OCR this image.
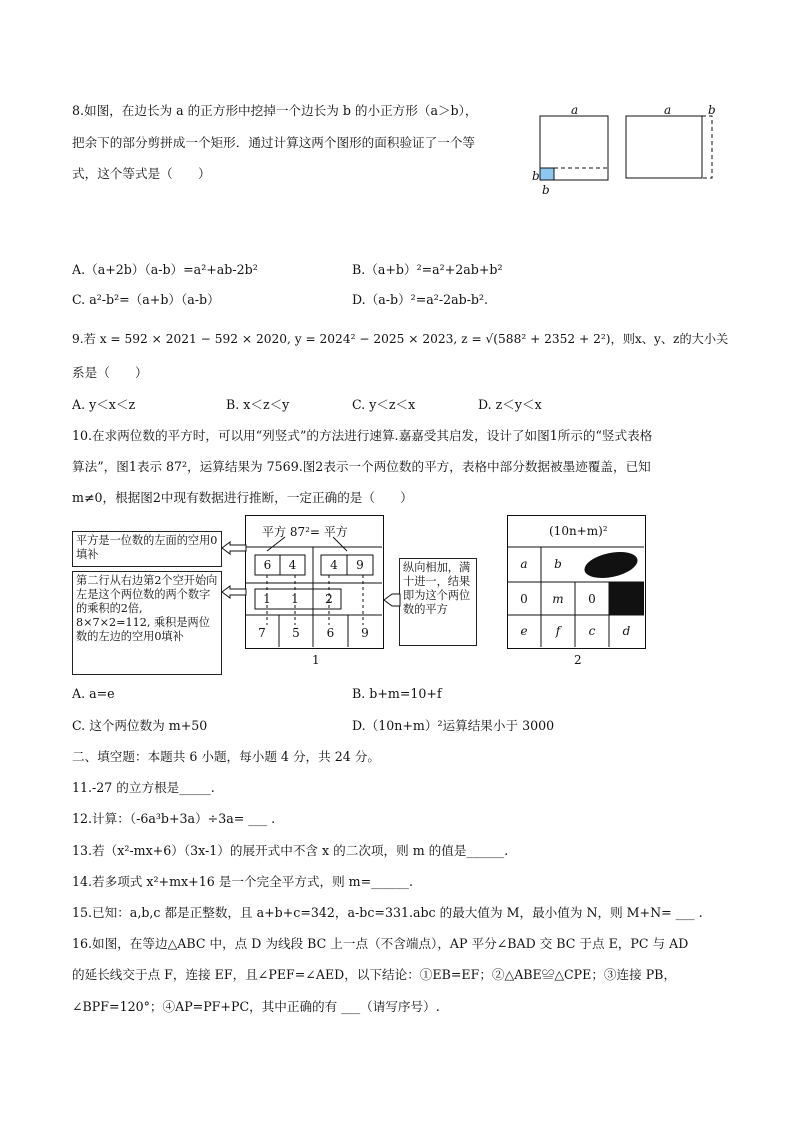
8.如图，在边长为 a 的正方形中挖掉一个边长为 b 的小正方形（a＞b），
把余下的部分剪拼成一个矩形．通过计算这两个图形的面积验证了一个等
式，这个等式是（　　）
a
b
b
a	b
A.（a+2b）（a-b）=a²+ab-2b²	B.（a+b）²=a²+2ab+b²
C. a²-b²=（a+b）（a-b）	D.（a-b）²=a²-2ab-b².
9.若 x = 592 × 2021 − 592 × 2020, y = 2024² − 2025 × 2023, z = √(588² + 2352 + 2²)，则x、y、z的大小关
系是（　　）
A. y＜x＜z	B. x＜z＜y	C. y＜z＜x	D. z＜y＜x
10.在求两位数的平方时，可以用“列竖式”的方法进行速算.嘉嘉受其启发，设计了如图1所示的“竖式表格
算法”，图1表示 87²，运算结果为 7569.图2表示一个两位数的平方，表格中部分数据被墨迹覆盖，已知
m≠0，根据图2中现有数据进行推断，一定正确的是（　　）
平方 87²= 平方
6	4	4	9
1	1	2
7	5	6	9
1
平方是一位数的左面的空用0填补
第二行从右边第2个空开始向左是这个两位数的两个数字的乘积的2倍, 8×7×2=112, 乘积是两位数的左边的空用0填补
纵向相加，满十进一，结果即为这个两位数的平方
(10n+m)²
a	b
0	m	0
e	f	c	d
2
A. a=e	B. b+m=10+f
C. 这个两位数为 m+50	D.（10n+m）²运算结果小于 3000
二、填空题：本题共 6 小题，每小题 4 分，共 24 分。
11.-27 的立方根是_____.
12.计算：（-6a³b+3a）÷3a= ___ .
13.若（x²-mx+6）（3x-1）的展开式中不含 x 的二次项，则 m 的值是______.
14.若多项式 x²+mx+16 是一个完全平方式，则 m=______.
15.已知：a,b,c 都是正整数，且 a+b+c=342，a-bc=331.abc 的最大值为 M，最小值为 N，则 M+N= ___ .
16.如图，在等边△ABC 中，点 D 为线段 BC 上一点（不含端点），AP 平分∠BAD 交 BC 于点 E，PC 与 AD
的延长线交于点 F，连接 EF，且∠PEF=∠AED，以下结论：①EB=EF；②△ABE≌△CPE；③连接 PB，
∠BPF=120°；④AP=PF+PC，其中正确的有 ___（请写序号）.
